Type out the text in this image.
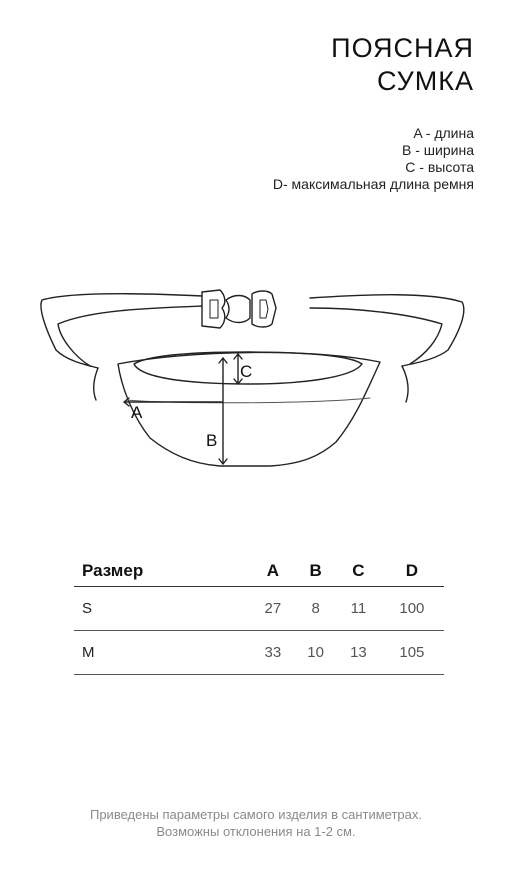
ПОЯСНАЯ
СУМКА
A - длина
B - ширина
C - высота
D- максимальная длина ремня
C
A
B
Размер	A	B	C	D
S	27	8	11	100
M	33	10	13	105
Приведены параметры самого изделия в сантиметрах.
Возможны отклонения на 1-2 см.
